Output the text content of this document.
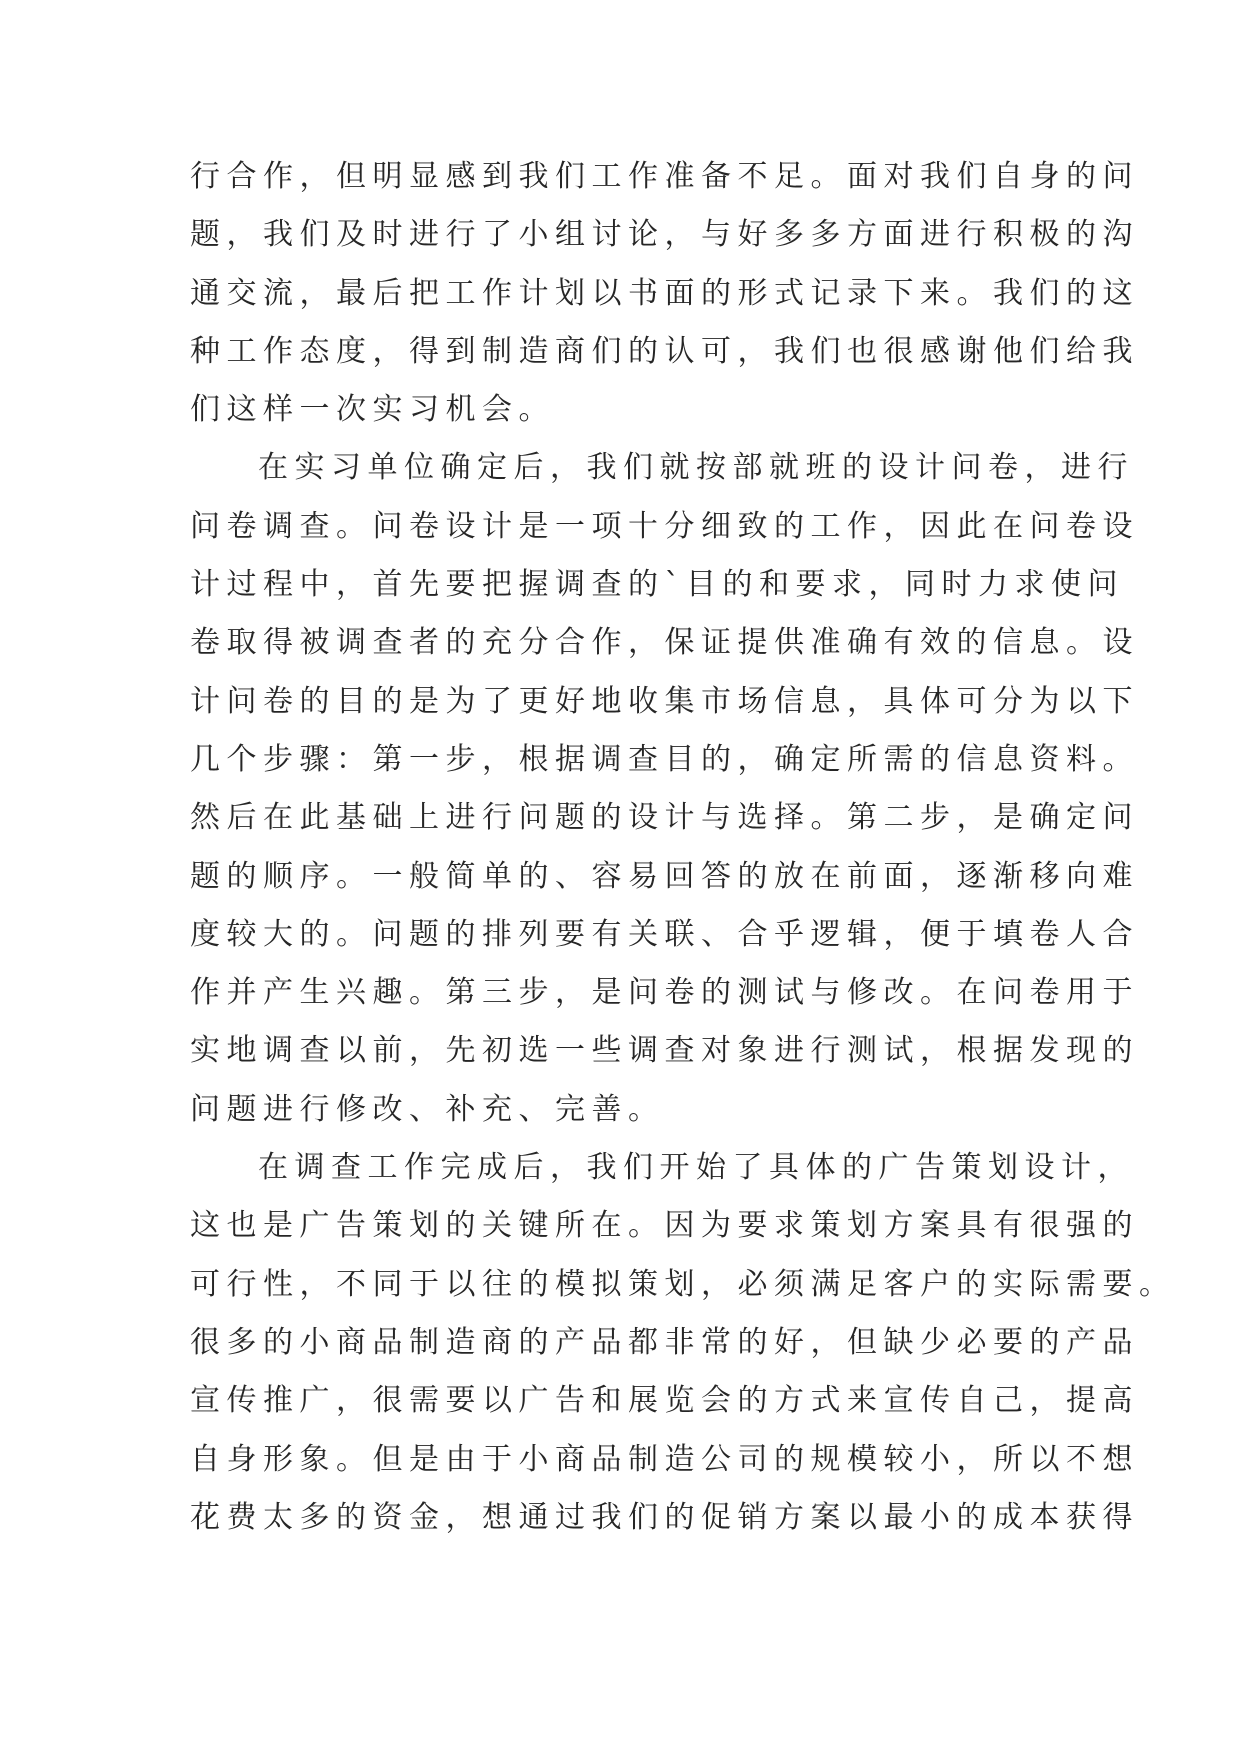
行合作，但明显感到我们工作准备不足。面对我们自身的问
题，我们及时进行了小组讨论，与好多多方面进行积极的沟
通交流，最后把工作计划以书面的形式记录下来。我们的这
种工作态度，得到制造商们的认可，我们也很感谢他们给我
们这样一次实习机会。
在实习单位确定后，我们就按部就班的设计问卷，进行
问卷调查。问卷设计是一项十分细致的工作，因此在问卷设
计过程中，首先要把握调查的`目的和要求，同时力求使问
卷取得被调查者的充分合作，保证提供准确有效的信息。设
计问卷的目的是为了更好地收集市场信息，具体可分为以下
几个步骤：第一步，根据调查目的，确定所需的信息资料。
然后在此基础上进行问题的设计与选择。第二步，是确定问
题的顺序。一般简单的、容易回答的放在前面，逐渐移向难
度较大的。问题的排列要有关联、合乎逻辑，便于填卷人合
作并产生兴趣。第三步，是问卷的测试与修改。在问卷用于
实地调查以前，先初选一些调查对象进行测试，根据发现的
问题进行修改、补充、完善。
在调查工作完成后，我们开始了具体的广告策划设计，
这也是广告策划的关键所在。因为要求策划方案具有很强的
可行性，不同于以往的模拟策划，必须满足客户的实际需要。
很多的小商品制造商的产品都非常的好，但缺少必要的产品
宣传推广，很需要以广告和展览会的方式来宣传自己，提高
自身形象。但是由于小商品制造公司的规模较小，所以不想
花费太多的资金，想通过我们的促销方案以最小的成本获得
